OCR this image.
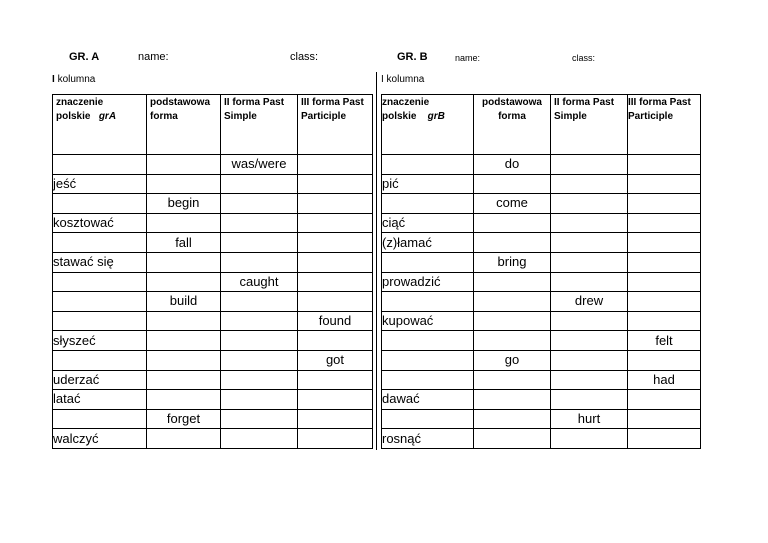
GR. A	name:	class:	GR. B	name:	class:
I kolumna	I kolumna
znaczenie
polskie grA	podstawowa forma	II forma Past Simple	III forma Past Participle
		was/were	
jeść			
	begin		
kosztować			
	fall		
stawać się			
		caught	
	build		
			found
słyszeć			
			got
uderzać			
latać			
	forget		
walczyć			
znaczenie
polskie grB	podstawowa forma	II forma Past Simple	III forma Past Participle
	do		
pić			
	come		
ciąć			
(z)łamać			
	bring		
prowadzić			
		drew	
kupować			
			felt
	go		
			had
dawać			
		hurt	
rosnąć			
